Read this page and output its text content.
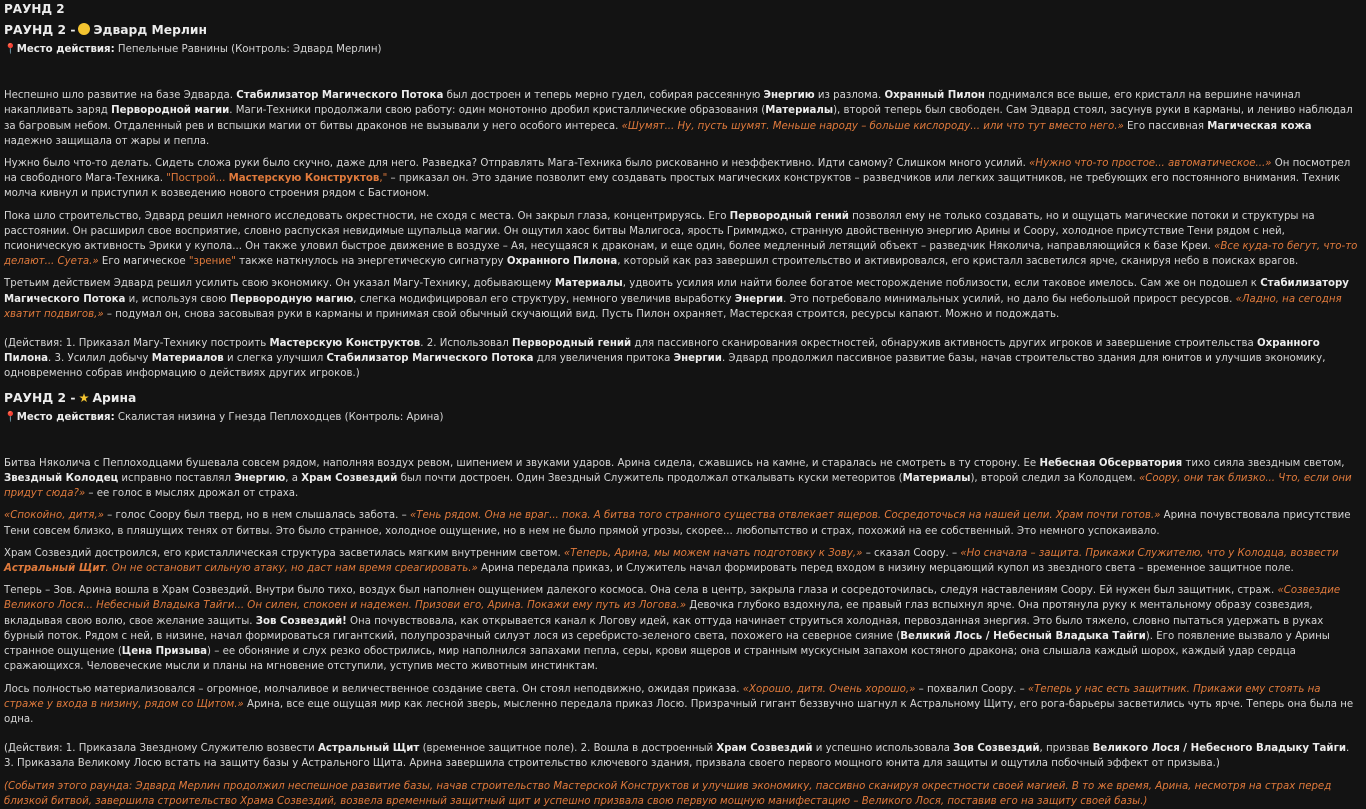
РАУНД 2
РАУНД 2 - Эдвард Мерлин
📍Место действия: Пепельные Равнины (Контроль: Эдвард Мерлин)

Неспешно шло развитие на базе Эдварда. Стабилизатор Магического Потока был достроен и теперь мерно гудел, собирая рассеянную Энергию из разлома. Охранный Пилон поднимался все выше, его кристалл на вершине начинал накапливать заряд Первородной магии. Маги-Техники продолжали свою работу: один монотонно дробил кристаллические образования (Материалы), второй теперь был свободен. Сам Эдвард стоял, засунув руки в карманы, и лениво наблюдал за багровым небом. Отдаленный рев и вспышки магии от битвы драконов не вызывали у него особого интереса. «Шумят... Ну, пусть шумят. Меньше народу – больше кислороду... или что тут вместо него.» Его пассивная Магическая кожа надежно защищала от жары и пепла.

Нужно было что-то делать. Сидеть сложа руки было скучно, даже для него. Разведка? Отправлять Мага-Техника было рискованно и неэффективно. Идти самому? Слишком много усилий. «Нужно что-то простое... автоматическое...» Он посмотрел на свободного Мага-Техника. "Построй... Мастерскую Конструктов," – приказал он. Это здание позволит ему создавать простых магических конструктов – разведчиков или легких защитников, не требующих его постоянного внимания. Техник молча кивнул и приступил к возведению нового строения рядом с Бастионом.

Пока шло строительство, Эдвард решил немного исследовать окрестности, не сходя с места. Он закрыл глаза, концентрируясь. Его Первородный гений позволял ему не только создавать, но и ощущать магические потоки и структуры на расстоянии. Он расширил свое восприятие, словно распуская невидимые щупальца магии. Он ощутил хаос битвы Малигоса, ярость Гриммджо, странную двойственную энергию Арины и Соору, холодное присутствие Тени рядом с ней, псионическую активность Эрики у купола... Он также уловил быстрое движение в воздухе – Ая, несущаяся к драконам, и еще один, более медленный летящий объект – разведчик Няколича, направляющийся к базе Креи. «Все куда-то бегут, что-то делают... Суета.» Его магическое "зрение" также наткнулось на энергетическую сигнатуру Охранного Пилона, который как раз завершил строительство и активировался, его кристалл засветился ярче, сканируя небо в поисках врагов.

Третьим действием Эдвард решил усилить свою экономику. Он указал Магу-Технику, добывающему Материалы, удвоить усилия или найти более богатое месторождение поблизости, если таковое имелось. Сам же он подошел к Стабилизатору Магического Потока и, используя свою Первородную магию, слегка модифицировал его структуру, немного увеличив выработку Энергии. Это потребовало минимальных усилий, но дало бы небольшой прирост ресурсов. «Ладно, на сегодня хватит подвигов,» – подумал он, снова засовывая руки в карманы и принимая свой обычный скучающий вид. Пусть Пилон охраняет, Мастерская строится, ресурсы капают. Можно и подождать.

(Действия: 1. Приказал Магу-Технику построить Мастерскую Конструктов. 2. Использовал Первородный гений для пассивного сканирования окрестностей, обнаружив активность других игроков и завершение строительства Охранного Пилона. 3. Усилил добычу Материалов и слегка улучшил Стабилизатор Магического Потока для увеличения притока Энергии. Эдвард продолжил пассивное развитие базы, начав строительство здания для юнитов и улучшив экономику, одновременно собрав информацию о действиях других игроков.)

РАУНД 2 - ★ Арина
📍Место действия: Скалистая низина у Гнезда Пеплоходцев (Контроль: Арина)

Битва Няколича с Пеплоходцами бушевала совсем рядом, наполняя воздух ревом, шипением и звуками ударов. Арина сидела, сжавшись на камне, и старалась не смотреть в ту сторону. Ее Небесная Обсерватория тихо сияла звездным светом, Звездный Колодец исправно поставлял Энергию, а Храм Созвездий был почти достроен. Один Звездный Служитель продолжал откалывать куски метеоритов (Материалы), второй следил за Колодцем. «Соору, они так близко... Что, если они придут сюда?» – ее голос в мыслях дрожал от страха.

«Спокойно, дитя,» – голос Соору был тверд, но в нем слышалась забота. – «Тень рядом. Она не враг... пока. А битва того странного существа отвлекает ящеров. Сосредоточься на нашей цели. Храм почти готов.» Арина почувствовала присутствие Тени совсем близко, в пляшущих тенях от битвы. Это было странное, холодное ощущение, но в нем не было прямой угрозы, скорее... любопытство и страх, похожий на ее собственный. Это немного успокаивало.

Храм Созвездий достроился, его кристаллическая структура засветилась мягким внутренним светом. «Теперь, Арина, мы можем начать подготовку к Зову,» – сказал Соору. – «Но сначала – защита. Прикажи Служителю, что у Колодца, возвести Астральный Щит. Он не остановит сильную атаку, но даст нам время среагировать.» Арина передала приказ, и Служитель начал формировать перед входом в низину мерцающий купол из звездного света – временное защитное поле.

Теперь – Зов. Арина вошла в Храм Созвездий. Внутри было тихо, воздух был наполнен ощущением далекого космоса. Она села в центр, закрыла глаза и сосредоточилась, следуя наставлениям Соору. Ей нужен был защитник, страж. «Созвездие Великого Лося... Небесный Владыка Тайги... Он силен, спокоен и надежен. Призови его, Арина. Покажи ему путь из Логова.» Девочка глубоко вздохнула, ее правый глаз вспыхнул ярче. Она протянула руку к ментальному образу созвездия, вкладывая свою волю, свое желание защиты. Зов Созвездий! Она почувствовала, как открывается канал к Логову идей, как оттуда начинает струиться холодная, первозданная энергия. Это было тяжело, словно пытаться удержать в руках бурный поток. Рядом с ней, в низине, начал формироваться гигантский, полупрозрачный силуэт лося из серебристо-зеленого света, похожего на северное сияние (Великий Лось / Небесный Владыка Тайги). Его появление вызвало у Арины странное ощущение (Цена Призыва) – ее обоняние и слух резко обострились, мир наполнился запахами пепла, серы, крови ящеров и странным мускусным запахом костяного дракона; она слышала каждый шорох, каждый удар сердца сражающихся. Человеческие мысли и планы на мгновение отступили, уступив место животным инстинктам.

Лось полностью материализовался – огромное, молчаливое и величественное создание света. Он стоял неподвижно, ожидая приказа. «Хорошо, дитя. Очень хорошо,» – похвалил Соору. – «Теперь у нас есть защитник. Прикажи ему стоять на страже у входа в низину, рядом со Щитом.» Арина, все еще ощущая мир как лесной зверь, мысленно передала приказ Лосю. Призрачный гигант беззвучно шагнул к Астральному Щиту, его рога-барьеры засветились чуть ярче. Теперь она была не одна.

(Действия: 1. Приказала Звездному Служителю возвести Астральный Щит (временное защитное поле). 2. Вошла в достроенный Храм Созвездий и успешно использовала Зов Созвездий, призвав Великого Лося / Небесного Владыку Тайги. 3. Приказала Великому Лосю встать на защиту базы у Астрального Щита. Арина завершила строительство ключевого здания, призвала своего первого мощного юнита для защиты и ощутила побочный эффект от призыва.)

(События этого раунда: Эдвард Мерлин продолжил неспешное развитие базы, начав строительство Мастерской Конструктов и улучшив экономику, пассивно сканируя окрестности своей магией. В то же время, Арина, несмотря на страх перед близкой битвой, завершила строительство Храма Созвездий, возвела временный защитный щит и успешно призвала свою первую мощную манифестацию – Великого Лося, поставив его на защиту своей базы.)
